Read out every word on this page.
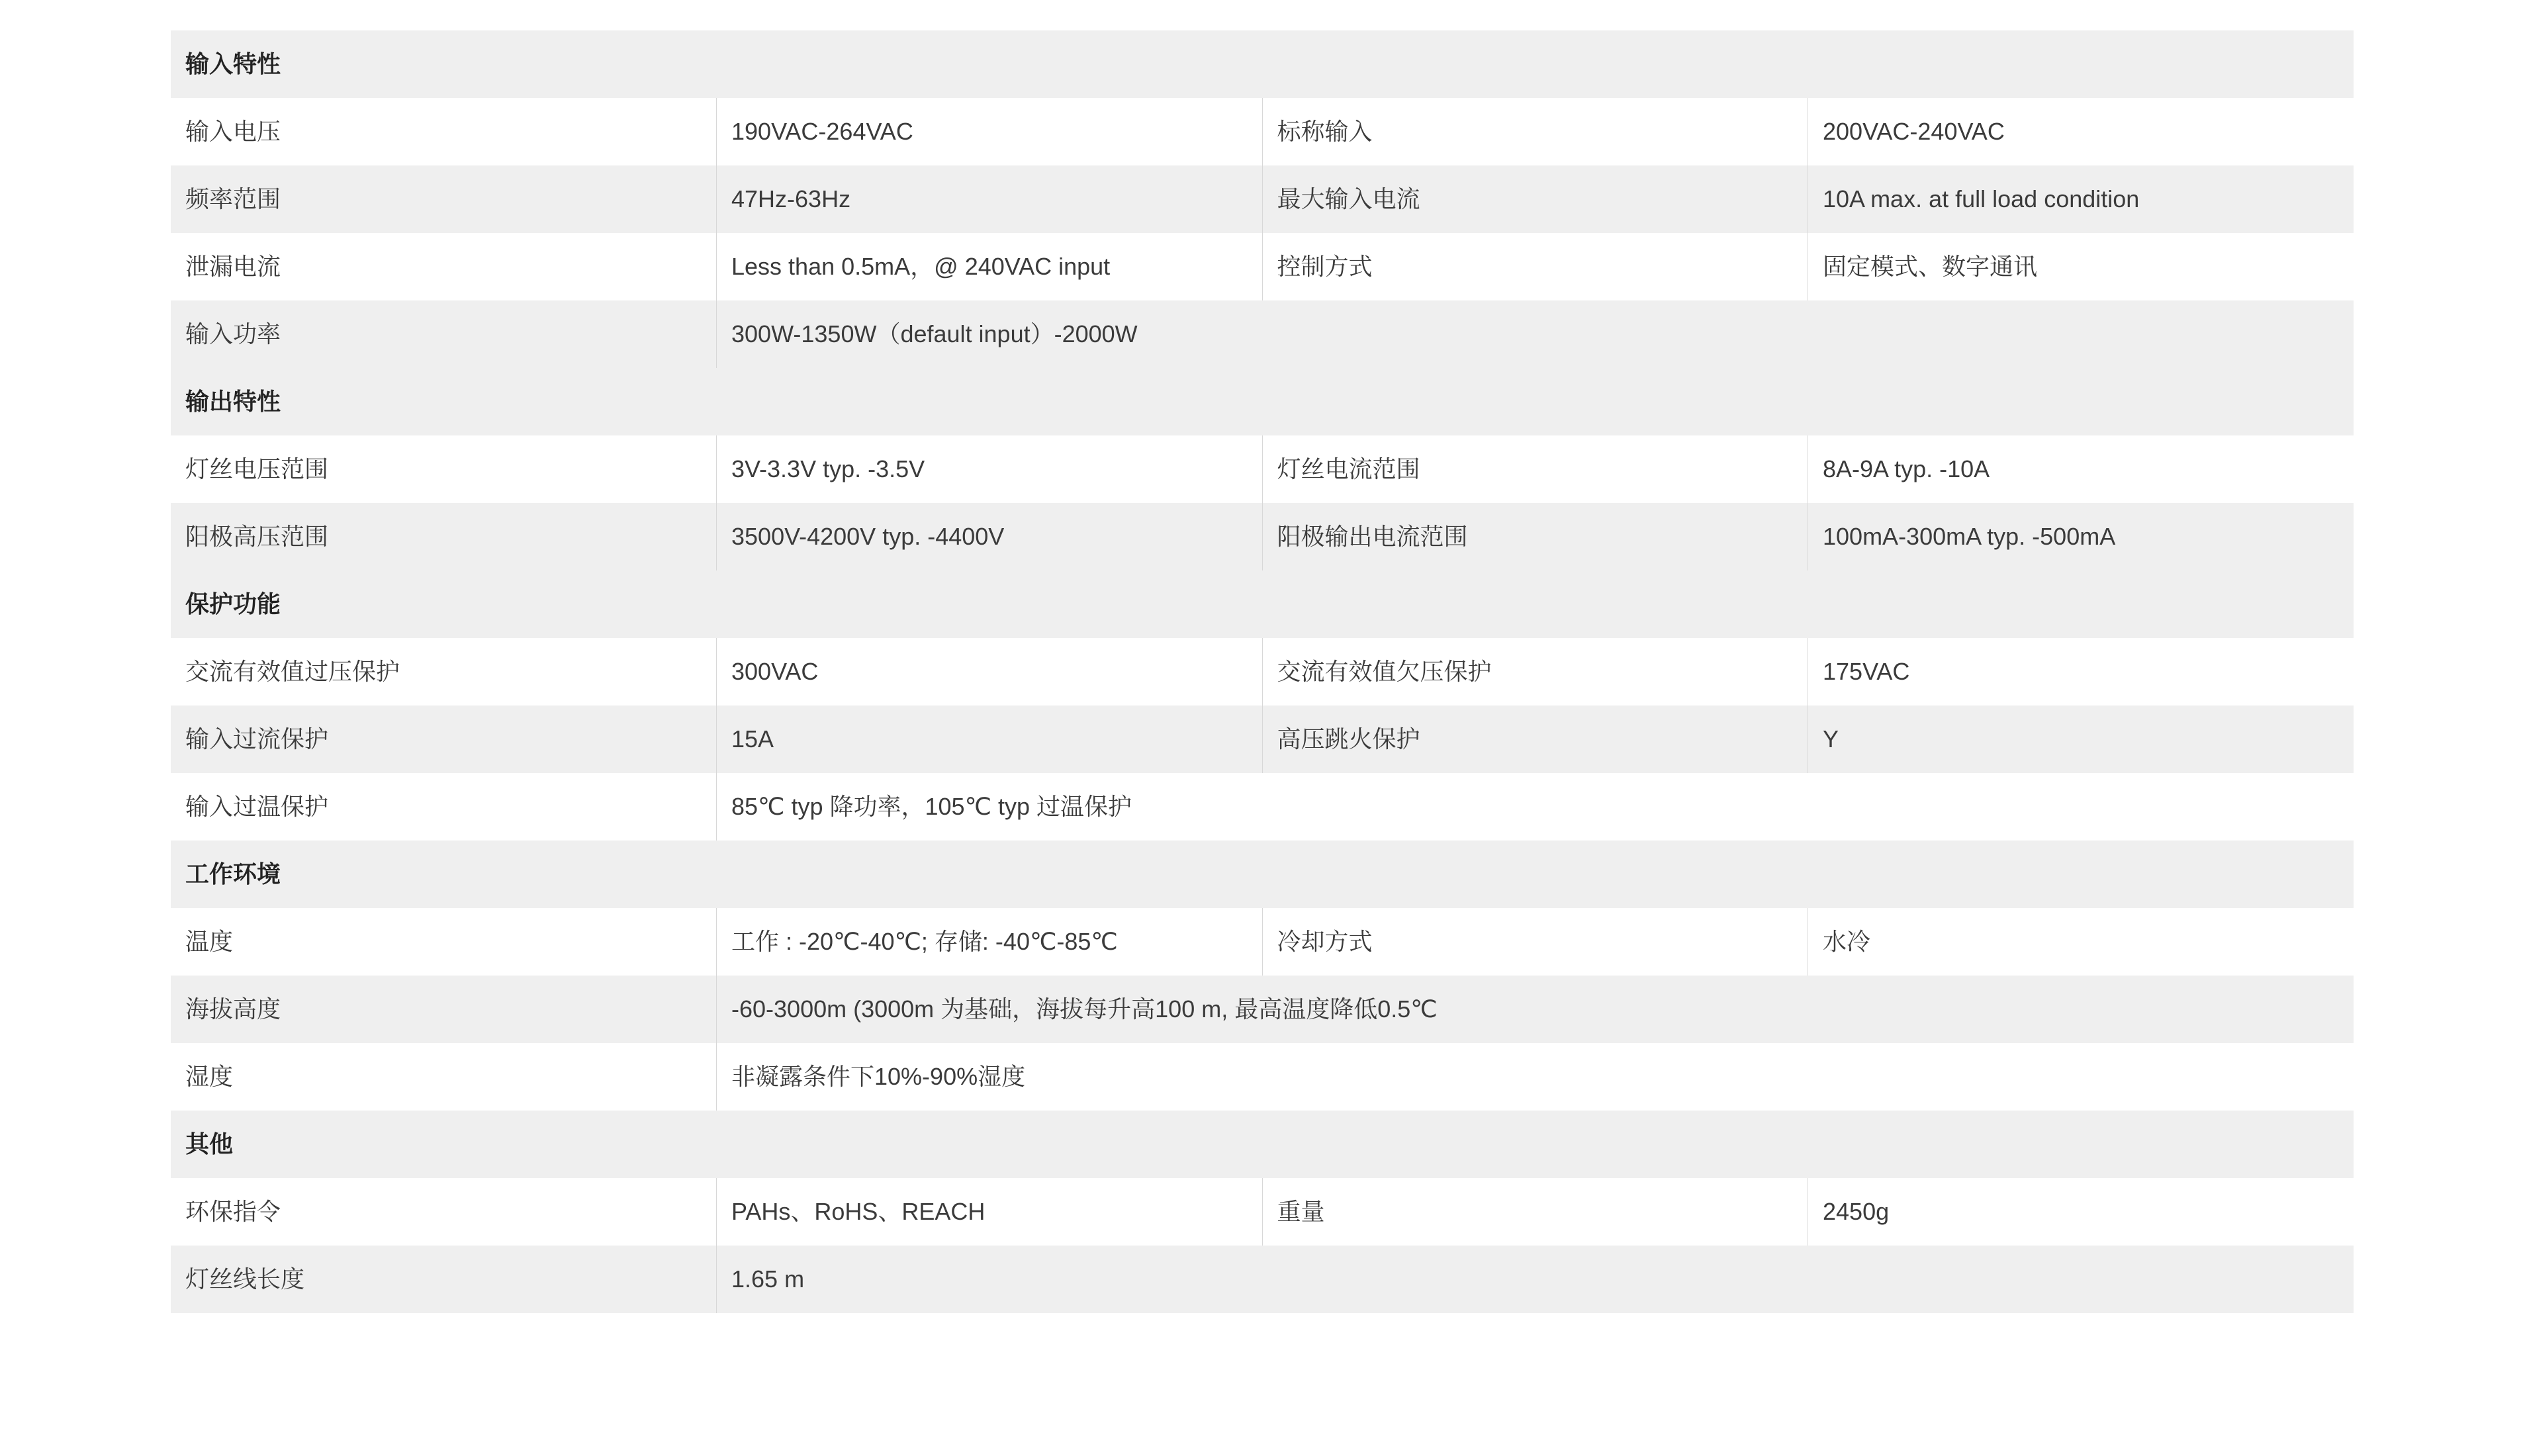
输入特性			
输入电压	190VAC-264VAC	标称输入	200VAC-240VAC
频率范围	47Hz-63Hz	最大输入电流	10A max. at full load condition
泄漏电流	Less than 0.5mA，@ 240VAC input	控制方式	固定模式、数字通讯
输入功率	300W-1350W（default input）-2000W		
输出特性			
灯丝电压范围	3V-3.3V typ. -3.5V	灯丝电流范围	8A-9A typ. -10A
阳极高压范围	3500V-4200V typ. -4400V	阳极输出电流范围	100mA-300mA typ. -500mA
保护功能			
交流有效值过压保护	300VAC	交流有效值欠压保护	175VAC
输入过流保护	15A	高压跳火保护	Y
输入过温保护	85℃ typ 降功率，105℃ typ 过温保护		
工作环境			
温度	工作 : -20℃-40℃; 存储: -40℃-85℃	冷却方式	水冷
海拔高度	-60-3000m (3000m 为基础，海拔每升高100 m, 最高温度降低0.5℃		
湿度	非凝露条件下10%-90%湿度		
其他			
环保指令	PAHs、RoHS、REACH	重量	2450g
灯丝线长度	1.65 m		
